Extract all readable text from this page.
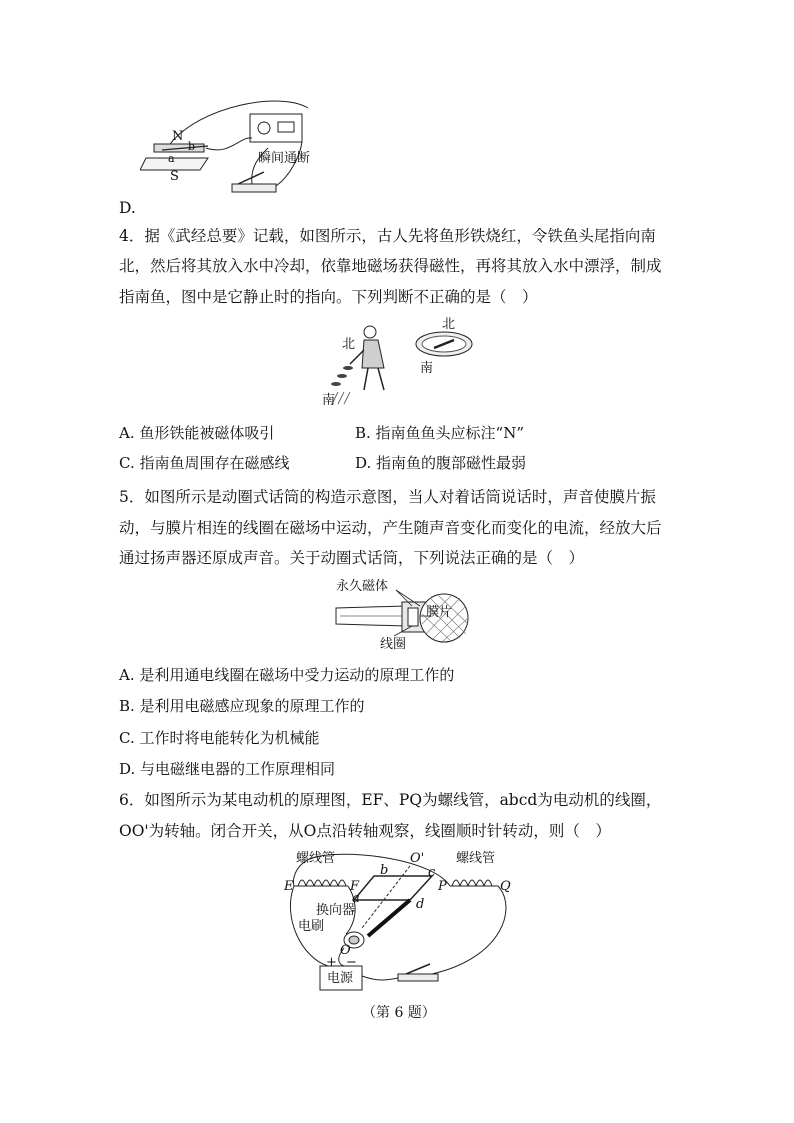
N
S
a
b
瞬间通断
D.
4．据《武经总要》记载，如图所示，古人先将鱼形铁烧红，令铁鱼头尾指向南
北，然后将其放入水中冷却，依靠地磁场获得磁性，再将其放入水中漂浮，制成
指南鱼，图中是它静止时的指向。下列判断不正确的是（　）
北
南
北
南
A. 鱼形铁能被磁体吸引	B. 指南鱼鱼头应标注“N”
C. 指南鱼周围存在磁感线	D. 指南鱼的腹部磁性最弱
5．如图所示是动圈式话筒的构造示意图，当人对着话筒说话时，声音使膜片振
动，与膜片相连的线圈在磁场中运动，产生随声音变化而变化的电流，经放大后
通过扬声器还原成声音。关于动圈式话筒，下列说法正确的是（　）
永久磁体
膜片
线圈
A. 是利用通电线圈在磁场中受力运动的原理工作的
B. 是利用电磁感应现象的原理工作的
C. 工作时将电能转化为机械能
D. 与电磁继电器的工作原理相同
6．如图所示为某电动机的原理图，EF、PQ为螺线管，abcd为电动机的线圈，
OO'为转轴。闭合开关，从O点沿转轴观察，线圈顺时针转动，则（　）
螺线管	螺线管
E	F	P	Q
a
b	c
d
O'
O
换向器
电刷
+ −
电源
（第 6 题）
